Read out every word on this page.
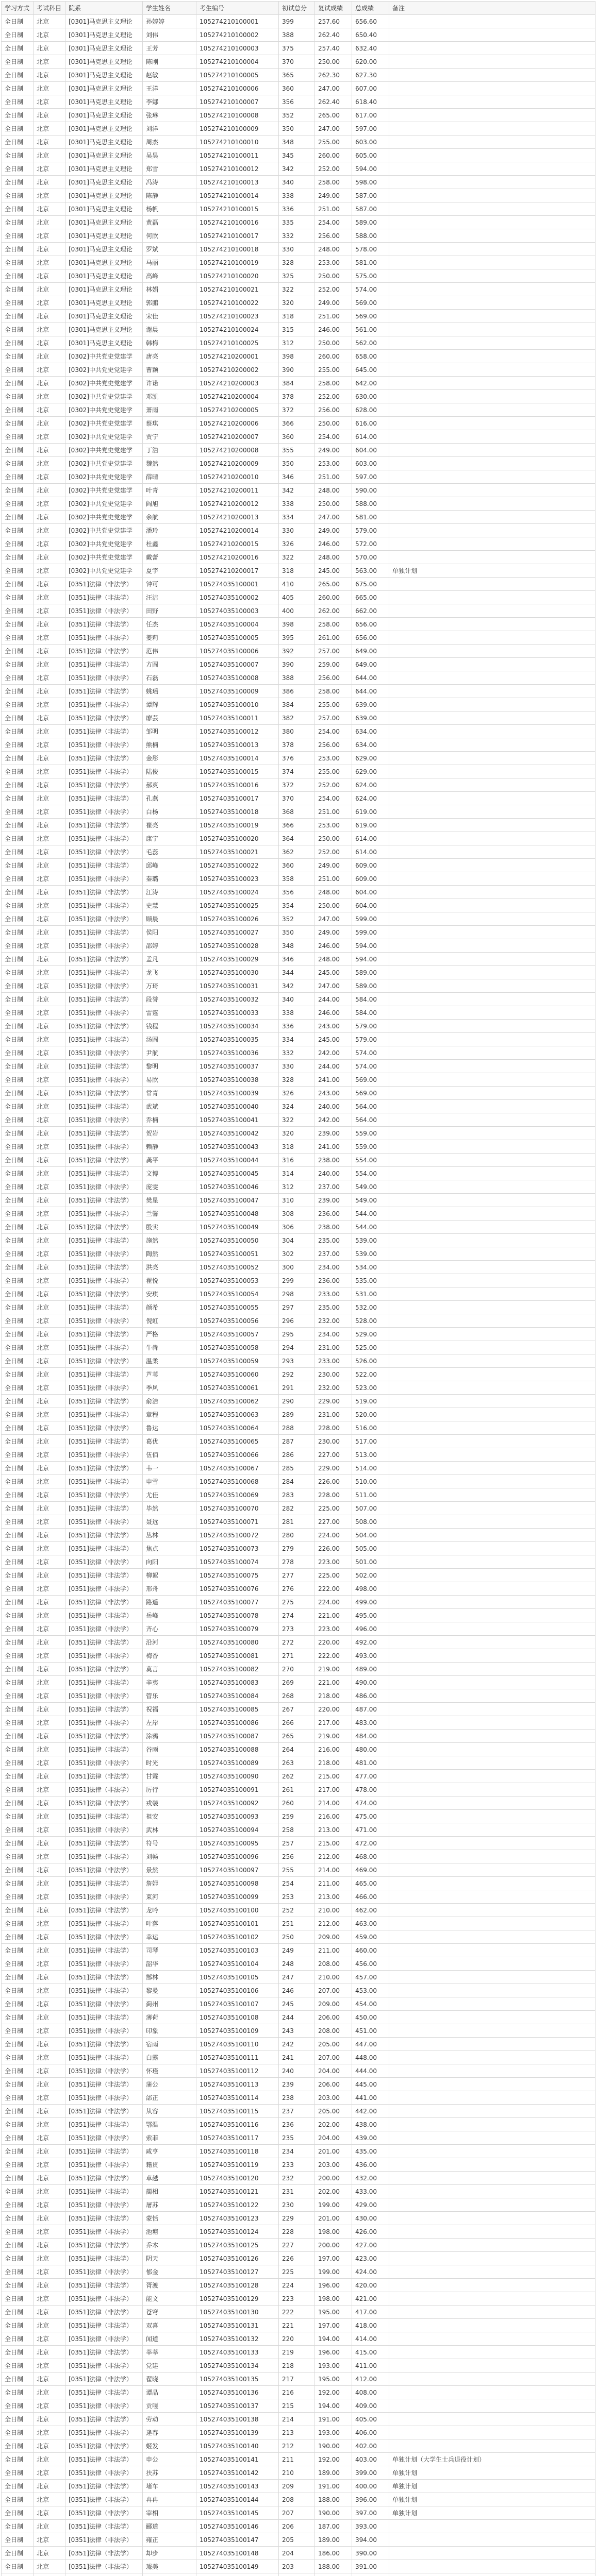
学习方式	考试科目	院系	学生姓名	考生编号	初试总分	复试成绩	总成绩	备注
全日制	北京	[0301]马克思主义理论	孙婷婷	105274210100001	399	257.60	656.60	
全日制	北京	[0301]马克思主义理论	刘伟	105274210100002	388	262.40	650.40	
全日制	北京	[0301]马克思主义理论	王芳	105274210100003	375	257.40	632.40	
全日制	北京	[0301]马克思主义理论	陈刚	105274210100004	370	250.00	620.00	
全日制	北京	[0301]马克思主义理论	赵敏	105274210100005	365	262.30	627.30	
全日制	北京	[0301]马克思主义理论	王洋	105274210100006	360	247.00	607.00	
全日制	北京	[0301]马克思主义理论	李娜	105274210100007	356	262.40	618.40	
全日制	北京	[0301]马克思主义理论	张琳	105274210100008	352	265.00	617.00	
全日制	北京	[0301]马克思主义理论	刘洋	105274210100009	350	247.00	597.00	
全日制	北京	[0301]马克思主义理论	周杰	105274210100010	348	255.00	603.00	
全日制	北京	[0301]马克思主义理论	吴昊	105274210100011	345	260.00	605.00	
全日制	北京	[0301]马克思主义理论	郑雪	105274210100012	342	252.00	594.00	
全日制	北京	[0301]马克思主义理论	冯涛	105274210100013	340	258.00	598.00	
全日制	北京	[0301]马克思主义理论	陈静	105274210100014	338	249.00	587.00	
全日制	北京	[0301]马克思主义理论	杨帆	105274210100015	336	251.00	587.00	
全日制	北京	[0301]马克思主义理论	黄磊	105274210100016	335	254.00	589.00	
全日制	北京	[0301]马克思主义理论	何欣	105274210100017	332	256.00	588.00	
全日制	北京	[0301]马克思主义理论	罗斌	105274210100018	330	248.00	578.00	
全日制	北京	[0301]马克思主义理论	马丽	105274210100019	328	253.00	581.00	
全日制	北京	[0301]马克思主义理论	高峰	105274210100020	325	250.00	575.00	
全日制	北京	[0301]马克思主义理论	林娟	105274210100021	322	252.00	574.00	
全日制	北京	[0301]马克思主义理论	郭鹏	105274210100022	320	249.00	569.00	
全日制	北京	[0301]马克思主义理论	宋佳	105274210100023	318	251.00	569.00	
全日制	北京	[0301]马克思主义理论	谢晨	105274210100024	315	246.00	561.00	
全日制	北京	[0301]马克思主义理论	韩梅	105274210100025	312	250.00	562.00	
全日制	北京	[0302]中共党史党建学	唐亮	105274210200001	398	260.00	658.00	
全日制	北京	[0302]中共党史党建学	曹颖	105274210200002	390	255.00	645.00	
全日制	北京	[0302]中共党史党建学	许诺	105274210200003	384	258.00	642.00	
全日制	北京	[0302]中共党史党建学	邓凯	105274210200004	378	252.00	630.00	
全日制	北京	[0302]中共党史党建学	萧雨	105274210200005	372	256.00	628.00	
全日制	北京	[0302]中共党史党建学	蔡琪	105274210200006	366	250.00	616.00	
全日制	北京	[0302]中共党史党建学	贾宁	105274210200007	360	254.00	614.00	
全日制	北京	[0302]中共党史党建学	丁浩	105274210200008	355	249.00	604.00	
全日制	北京	[0302]中共党史党建学	魏然	105274210200009	350	253.00	603.00	
全日制	北京	[0302]中共党史党建学	薛晴	105274210200010	346	251.00	597.00	
全日制	北京	[0302]中共党史党建学	叶青	105274210200011	342	248.00	590.00	
全日制	北京	[0302]中共党史党建学	阎旭	105274210200012	338	250.00	588.00	
全日制	北京	[0302]中共党史党建学	余航	105274210200013	334	247.00	581.00	
全日制	北京	[0302]中共党史党建学	潘玲	105274210200014	330	249.00	579.00	
全日制	北京	[0302]中共党史党建学	杜鑫	105274210200015	326	246.00	572.00	
全日制	北京	[0302]中共党史党建学	戴蕾	105274210200016	322	248.00	570.00	
全日制	北京	[0302]中共党史党建学	夏宇	105274210200017	318	245.00	563.00	单独计划
全日制	北京	[0351]法律（非法学）	钟可	105274035100001	410	265.00	675.00	
全日制	北京	[0351]法律（非法学）	汪洁	105274035100002	405	260.00	665.00	
全日制	北京	[0351]法律（非法学）	田野	105274035100003	400	262.00	662.00	
全日制	北京	[0351]法律（非法学）	任杰	105274035100004	398	258.00	656.00	
全日制	北京	[0351]法律（非法学）	姜莉	105274035100005	395	261.00	656.00	
全日制	北京	[0351]法律（非法学）	范伟	105274035100006	392	257.00	649.00	
全日制	北京	[0351]法律（非法学）	方圆	105274035100007	390	259.00	649.00	
全日制	北京	[0351]法律（非法学）	石磊	105274035100008	388	256.00	644.00	
全日制	北京	[0351]法律（非法学）	姚瑶	105274035100009	386	258.00	644.00	
全日制	北京	[0351]法律（非法学）	谭辉	105274035100010	384	255.00	639.00	
全日制	北京	[0351]法律（非法学）	廖芸	105274035100011	382	257.00	639.00	
全日制	北京	[0351]法律（非法学）	邹明	105274035100012	380	254.00	634.00	
全日制	北京	[0351]法律（非法学）	熊楠	105274035100013	378	256.00	634.00	
全日制	北京	[0351]法律（非法学）	金彤	105274035100014	376	253.00	629.00	
全日制	北京	[0351]法律（非法学）	陆俊	105274035100015	374	255.00	629.00	
全日制	北京	[0351]法律（非法学）	郝爽	105274035100016	372	252.00	624.00	
全日制	北京	[0351]法律（非法学）	孔燕	105274035100017	370	254.00	624.00	
全日制	北京	[0351]法律（非法学）	白杨	105274035100018	368	251.00	619.00	
全日制	北京	[0351]法律（非法学）	崔亮	105274035100019	366	253.00	619.00	
全日制	北京	[0351]法律（非法学）	康宁	105274035100020	364	250.00	614.00	
全日制	北京	[0351]法律（非法学）	毛蕊	105274035100021	362	252.00	614.00	
全日制	北京	[0351]法律（非法学）	邱峰	105274035100022	360	249.00	609.00	
全日制	北京	[0351]法律（非法学）	秦璐	105274035100023	358	251.00	609.00	
全日制	北京	[0351]法律（非法学）	江涛	105274035100024	356	248.00	604.00	
全日制	北京	[0351]法律（非法学）	史慧	105274035100025	354	250.00	604.00	
全日制	北京	[0351]法律（非法学）	顾晨	105274035100026	352	247.00	599.00	
全日制	北京	[0351]法律（非法学）	侯阳	105274035100027	350	249.00	599.00	
全日制	北京	[0351]法律（非法学）	邵婷	105274035100028	348	246.00	594.00	
全日制	北京	[0351]法律（非法学）	孟凡	105274035100029	346	248.00	594.00	
全日制	北京	[0351]法律（非法学）	龙飞	105274035100030	344	245.00	589.00	
全日制	北京	[0351]法律（非法学）	万琦	105274035100031	342	247.00	589.00	
全日制	北京	[0351]法律（非法学）	段誉	105274035100032	340	244.00	584.00	
全日制	北京	[0351]法律（非法学）	雷霆	105274035100033	338	246.00	584.00	
全日制	北京	[0351]法律（非法学）	钱程	105274035100034	336	243.00	579.00	
全日制	北京	[0351]法律（非法学）	汤圆	105274035100035	334	245.00	579.00	
全日制	北京	[0351]法律（非法学）	尹航	105274035100036	332	242.00	574.00	
全日制	北京	[0351]法律（非法学）	黎明	105274035100037	330	244.00	574.00	
全日制	北京	[0351]法律（非法学）	易欣	105274035100038	328	241.00	569.00	
全日制	北京	[0351]法律（非法学）	常青	105274035100039	326	243.00	569.00	
全日制	北京	[0351]法律（非法学）	武斌	105274035100040	324	240.00	564.00	
全日制	北京	[0351]法律（非法学）	乔楠	105274035100041	322	242.00	564.00	
全日制	北京	[0351]法律（非法学）	贺岩	105274035100042	320	239.00	559.00	
全日制	北京	[0351]法律（非法学）	赖静	105274035100043	318	241.00	559.00	
全日制	北京	[0351]法律（非法学）	龚平	105274035100044	316	238.00	554.00	
全日制	北京	[0351]法律（非法学）	文博	105274035100045	314	240.00	554.00	
全日制	北京	[0351]法律（非法学）	庞雯	105274035100046	312	237.00	549.00	
全日制	北京	[0351]法律（非法学）	樊星	105274035100047	310	239.00	549.00	
全日制	北京	[0351]法律（非法学）	兰馨	105274035100048	308	236.00	544.00	
全日制	北京	[0351]法律（非法学）	殷实	105274035100049	306	238.00	544.00	
全日制	北京	[0351]法律（非法学）	施然	105274035100050	304	235.00	539.00	
全日制	北京	[0351]法律（非法学）	陶然	105274035100051	302	237.00	539.00	
全日制	北京	[0351]法律（非法学）	洪亮	105274035100052	300	234.00	534.00	
全日制	北京	[0351]法律（非法学）	翟悦	105274035100053	299	236.00	535.00	
全日制	北京	[0351]法律（非法学）	安琪	105274035100054	298	233.00	531.00	
全日制	北京	[0351]法律（非法学）	颜希	105274035100055	297	235.00	532.00	
全日制	北京	[0351]法律（非法学）	倪虹	105274035100056	296	232.00	528.00	
全日制	北京	[0351]法律（非法学）	严格	105274035100057	295	234.00	529.00	
全日制	北京	[0351]法律（非法学）	牛犇	105274035100058	294	231.00	525.00	
全日制	北京	[0351]法律（非法学）	温柔	105274035100059	293	233.00	526.00	
全日制	北京	[0351]法律（非法学）	芦苇	105274035100060	292	230.00	522.00	
全日制	北京	[0351]法律（非法学）	季风	105274035100061	291	232.00	523.00	
全日制	北京	[0351]法律（非法学）	俞洁	105274035100062	290	229.00	519.00	
全日制	北京	[0351]法律（非法学）	章程	105274035100063	289	231.00	520.00	
全日制	北京	[0351]法律（非法学）	鲁达	105274035100064	288	228.00	516.00	
全日制	北京	[0351]法律（非法学）	葛优	105274035100065	287	230.00	517.00	
全日制	北京	[0351]法律（非法学）	伍佰	105274035100066	286	227.00	513.00	
全日制	北京	[0351]法律（非法学）	韦一	105274035100067	285	229.00	514.00	
全日制	北京	[0351]法律（非法学）	申雪	105274035100068	284	226.00	510.00	
全日制	北京	[0351]法律（非法学）	尤佳	105274035100069	283	228.00	511.00	
全日制	北京	[0351]法律（非法学）	毕然	105274035100070	282	225.00	507.00	
全日制	北京	[0351]法律（非法学）	聂远	105274035100071	281	227.00	508.00	
全日制	北京	[0351]法律（非法学）	丛林	105274035100072	280	224.00	504.00	
全日制	北京	[0351]法律（非法学）	焦点	105274035100073	279	226.00	505.00	
全日制	北京	[0351]法律（非法学）	向阳	105274035100074	278	223.00	501.00	
全日制	北京	[0351]法律（非法学）	柳絮	105274035100075	277	225.00	502.00	
全日制	北京	[0351]法律（非法学）	邢舟	105274035100076	276	222.00	498.00	
全日制	北京	[0351]法律（非法学）	路遥	105274035100077	275	224.00	499.00	
全日制	北京	[0351]法律（非法学）	岳峰	105274035100078	274	221.00	495.00	
全日制	北京	[0351]法律（非法学）	齐心	105274035100079	273	223.00	496.00	
全日制	北京	[0351]法律（非法学）	沿河	105274035100080	272	220.00	492.00	
全日制	北京	[0351]法律（非法学）	梅香	105274035100081	271	222.00	493.00	
全日制	北京	[0351]法律（非法学）	莫言	105274035100082	270	219.00	489.00	
全日制	北京	[0351]法律（非法学）	辛夷	105274035100083	269	221.00	490.00	
全日制	北京	[0351]法律（非法学）	管乐	105274035100084	268	218.00	486.00	
全日制	北京	[0351]法律（非法学）	祝福	105274035100085	267	220.00	487.00	
全日制	北京	[0351]法律（非法学）	左岸	105274035100086	266	217.00	483.00	
全日制	北京	[0351]法律（非法学）	涂鸦	105274035100087	265	219.00	484.00	
全日制	北京	[0351]法律（非法学）	谷雨	105274035100088	264	216.00	480.00	
全日制	北京	[0351]法律（非法学）	时光	105274035100089	263	218.00	481.00	
全日制	北京	[0351]法律（非法学）	甘霖	105274035100090	262	215.00	477.00	
全日制	北京	[0351]法律（非法学）	厉行	105274035100091	261	217.00	478.00	
全日制	北京	[0351]法律（非法学）	戎装	105274035100092	260	214.00	474.00	
全日制	北京	[0351]法律（非法学）	祖安	105274035100093	259	216.00	475.00	
全日制	北京	[0351]法律（非法学）	武林	105274035100094	258	213.00	471.00	
全日制	北京	[0351]法律（非法学）	符号	105274035100095	257	215.00	472.00	
全日制	北京	[0351]法律（非法学）	刘畅	105274035100096	256	212.00	468.00	
全日制	北京	[0351]法律（非法学）	景然	105274035100097	255	214.00	469.00	
全日制	北京	[0351]法律（非法学）	詹姆	105274035100098	254	211.00	465.00	
全日制	北京	[0351]法律（非法学）	束河	105274035100099	253	213.00	466.00	
全日制	北京	[0351]法律（非法学）	龙吟	105274035100100	252	210.00	462.00	
全日制	北京	[0351]法律（非法学）	叶落	105274035100101	251	212.00	463.00	
全日制	北京	[0351]法律（非法学）	幸运	105274035100102	250	209.00	459.00	
全日制	北京	[0351]法律（非法学）	司琴	105274035100103	249	211.00	460.00	
全日制	北京	[0351]法律（非法学）	韶华	105274035100104	248	208.00	456.00	
全日制	北京	[0351]法律（非法学）	郜林	105274035100105	247	210.00	457.00	
全日制	北京	[0351]法律（非法学）	黎曼	105274035100106	246	207.00	453.00	
全日制	北京	[0351]法律（非法学）	蓟州	105274035100107	245	209.00	454.00	
全日制	北京	[0351]法律（非法学）	薄荷	105274035100108	244	206.00	450.00	
全日制	北京	[0351]法律（非法学）	印象	105274035100109	243	208.00	451.00	
全日制	北京	[0351]法律（非法学）	宿雨	105274035100110	242	205.00	447.00	
全日制	北京	[0351]法律（非法学）	白露	105274035100111	241	207.00	448.00	
全日制	北京	[0351]法律（非法学）	怀瑾	105274035100112	240	204.00	444.00	
全日制	北京	[0351]法律（非法学）	蒲公	105274035100113	239	206.00	445.00	
全日制	北京	[0351]法律（非法学）	邰正	105274035100114	238	203.00	441.00	
全日制	北京	[0351]法律（非法学）	从容	105274035100115	237	205.00	442.00	
全日制	北京	[0351]法律（非法学）	鄂温	105274035100116	236	202.00	438.00	
全日制	北京	[0351]法律（非法学）	索菲	105274035100117	235	204.00	439.00	
全日制	北京	[0351]法律（非法学）	咸亨	105274035100118	234	201.00	435.00	
全日制	北京	[0351]法律（非法学）	籍贯	105274035100119	233	203.00	436.00	
全日制	北京	[0351]法律（非法学）	卓越	105274035100120	232	200.00	432.00	
全日制	北京	[0351]法律（非法学）	蔺相	105274035100121	231	202.00	433.00	
全日制	北京	[0351]法律（非法学）	屠苏	105274035100122	230	199.00	429.00	
全日制	北京	[0351]法律（非法学）	蒙恬	105274035100123	229	201.00	430.00	
全日制	北京	[0351]法律（非法学）	池塘	105274035100124	228	198.00	426.00	
全日制	北京	[0351]法律（非法学）	乔木	105274035100125	227	200.00	427.00	
全日制	北京	[0351]法律（非法学）	阴天	105274035100126	226	197.00	423.00	
全日制	北京	[0351]法律（非法学）	郁金	105274035100127	225	199.00	424.00	
全日制	北京	[0351]法律（非法学）	胥渡	105274035100128	224	196.00	420.00	
全日制	北京	[0351]法律（非法学）	能文	105274035100129	223	198.00	421.00	
全日制	北京	[0351]法律（非法学）	苍穹	105274035100130	222	195.00	417.00	
全日制	北京	[0351]法律（非法学）	双喜	105274035100131	221	197.00	418.00	
全日制	北京	[0351]法律（非法学）	闻道	105274035100132	220	194.00	414.00	
全日制	北京	[0351]法律（非法学）	莘莘	105274035100133	219	196.00	415.00	
全日制	北京	[0351]法律（非法学）	党建	105274035100134	218	193.00	411.00	
全日制	北京	[0351]法律（非法学）	翟晓	105274035100135	217	195.00	412.00	
全日制	北京	[0351]法律（非法学）	谭晶	105274035100136	216	192.00	408.00	
全日制	北京	[0351]法律（非法学）	贡嘎	105274035100137	215	194.00	409.00	
全日制	北京	[0351]法律（非法学）	劳动	105274035100138	214	191.00	405.00	
全日制	北京	[0351]法律（非法学）	逄春	105274035100139	213	193.00	406.00	
全日制	北京	[0351]法律（非法学）	姬发	105274035100140	212	190.00	402.00	
全日制	北京	[0351]法律（非法学）	申公	105274035100141	211	192.00	403.00	单独计划（大学生士兵退役计划）
全日制	北京	[0351]法律（非法学）	扶苏	105274035100142	210	189.00	399.00	单独计划
全日制	北京	[0351]法律（非法学）	堵车	105274035100143	209	191.00	400.00	单独计划
全日制	北京	[0351]法律（非法学）	冉冉	105274035100144	208	188.00	396.00	单独计划
全日制	北京	[0351]法律（非法学）	宰相	105274035100145	207	190.00	397.00	单独计划
全日制	北京	[0351]法律（非法学）	郦道	105274035100146	206	187.00	393.00	
全日制	北京	[0351]法律（非法学）	雍正	105274035100147	205	189.00	394.00	
全日制	北京	[0351]法律（非法学）	却步	105274035100148	204	186.00	390.00	
全日制	北京	[0351]法律（非法学）	璩美	105274035100149	203	188.00	391.00	
